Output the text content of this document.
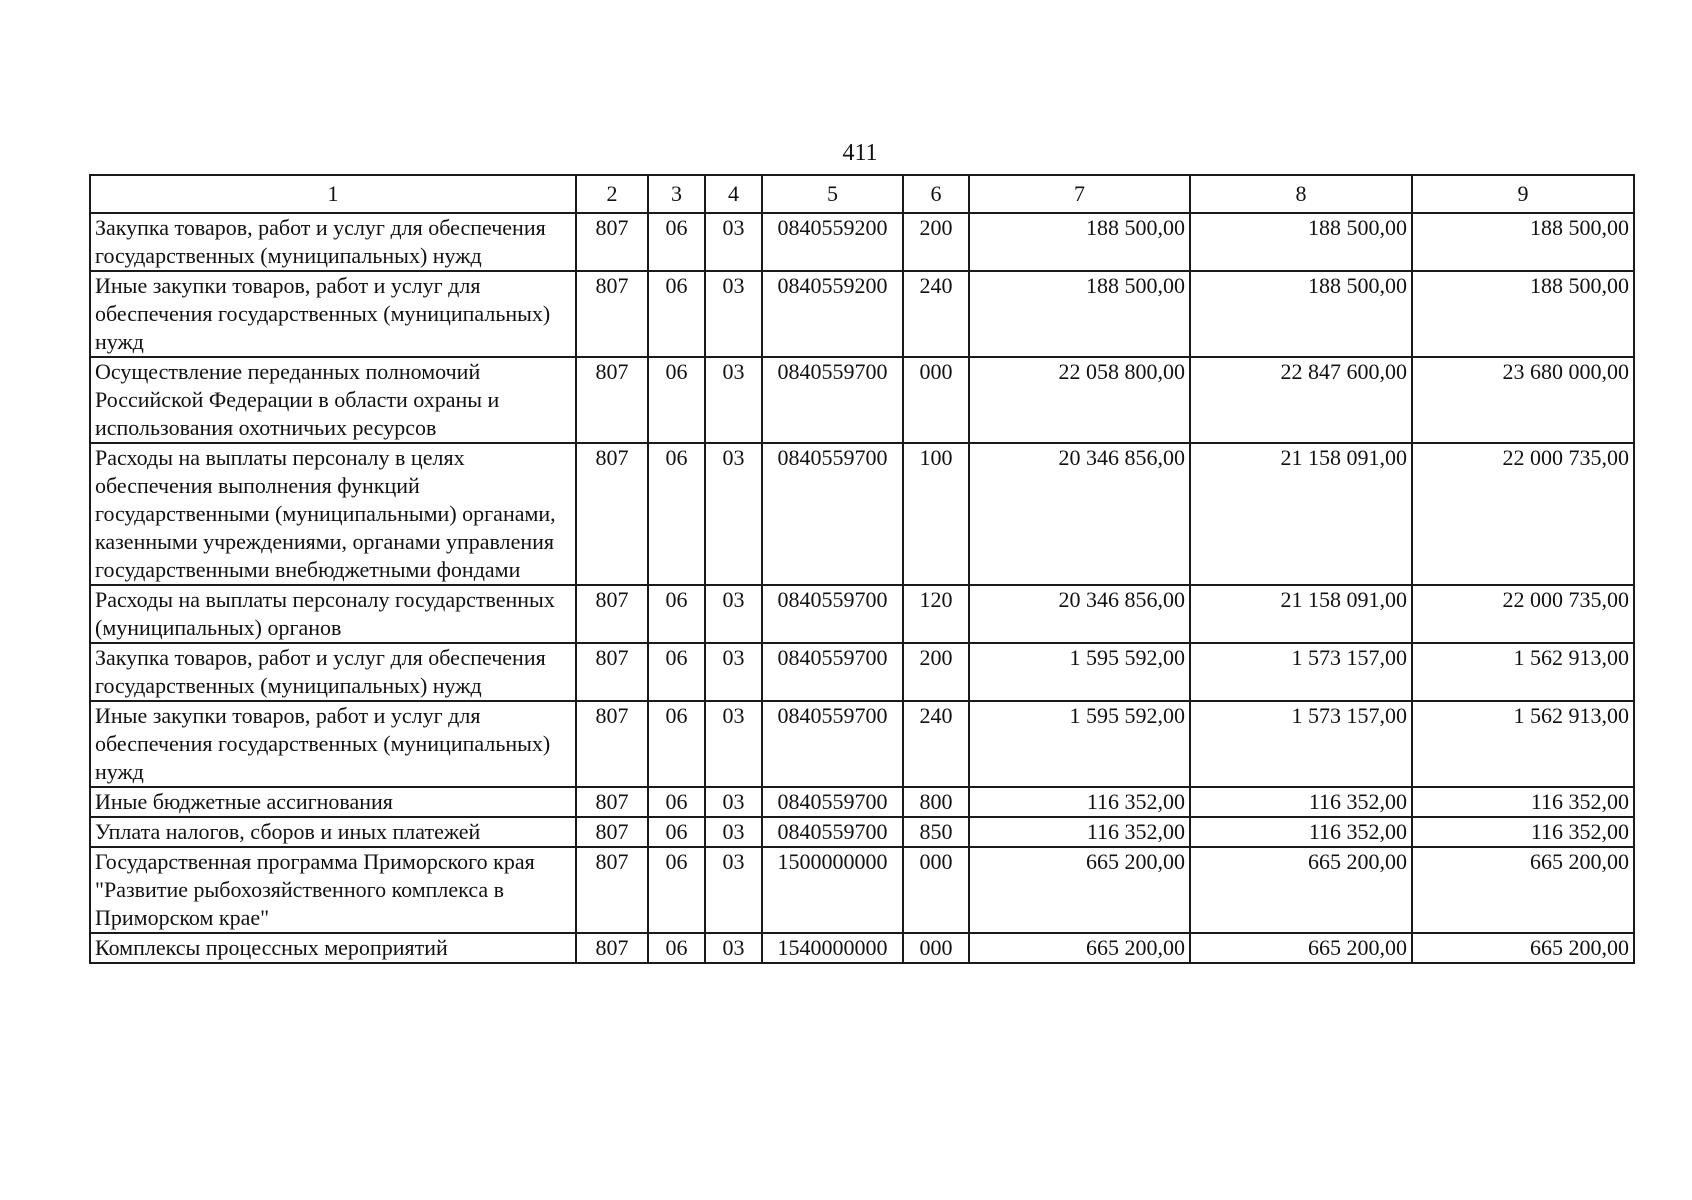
411
1	2	3	4	5	6	7	8	9
Закупка товаров, работ и услуг для обеспечения государственных (муниципальных) нужд	807	06	03	0840559200	200	188 500,00	188 500,00	188 500,00
Иные закупки товаров, работ и услуг для обеспечения государственных (муниципальных) нужд	807	06	03	0840559200	240	188 500,00	188 500,00	188 500,00
Осуществление переданных полномочий Российской Федерации в области охраны и использования охотничьих ресурсов	807	06	03	0840559700	000	22 058 800,00	22 847 600,00	23 680 000,00
Расходы на выплаты персоналу в целях обеспечения выполнения функций государственными (муниципальными) органами, казенными учреждениями, органами управления государственными внебюджетными фондами	807	06	03	0840559700	100	20 346 856,00	21 158 091,00	22 000 735,00
Расходы на выплаты персоналу государственных (муниципальных) органов	807	06	03	0840559700	120	20 346 856,00	21 158 091,00	22 000 735,00
Закупка товаров, работ и услуг для обеспечения государственных (муниципальных) нужд	807	06	03	0840559700	200	1 595 592,00	1 573 157,00	1 562 913,00
Иные закупки товаров, работ и услуг для обеспечения государственных (муниципальных) нужд	807	06	03	0840559700	240	1 595 592,00	1 573 157,00	1 562 913,00
Иные бюджетные ассигнования	807	06	03	0840559700	800	116 352,00	116 352,00	116 352,00
Уплата налогов, сборов и иных платежей	807	06	03	0840559700	850	116 352,00	116 352,00	116 352,00
Государственная программа Приморского края "Развитие рыбохозяйственного комплекса в Приморском крае"	807	06	03	1500000000	000	665 200,00	665 200,00	665 200,00
Комплексы процессных мероприятий	807	06	03	1540000000	000	665 200,00	665 200,00	665 200,00
